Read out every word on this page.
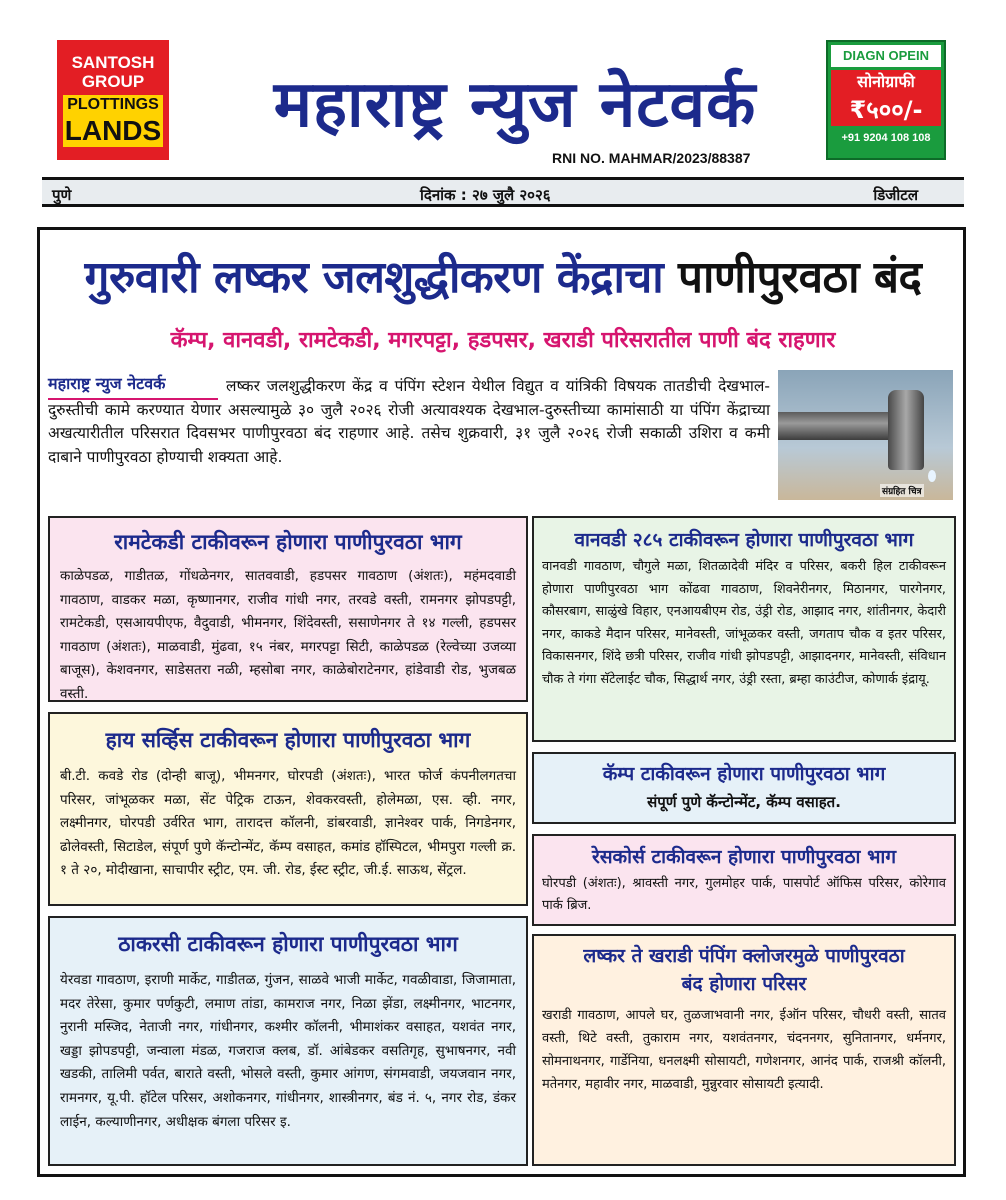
SANTOSH
GROUP
PLOTTINGS
LANDS	महाराष्ट्र न्युज नेटवर्क
RNI NO. MAHMAR/2023/88387
DIAGN OPEIN
सोनोग्राफी
₹५००/-
+91 9204 108 108
पुणे	दिनांक : २७ जुलै २०२६	डिजीटल
गुरुवारी लष्कर जलशुद्धीकरण केंद्राचा पाणीपुरवठा बंद
कॅम्प, वानवडी, रामटेकडी, मगरपट्टा, हडपसर, खराडी परिसरातील पाणी बंद राहणार
लष्कर जलशुद्धीकरण केंद्र व पंपिंग स्टेशन येथील विद्युत व यांत्रिकी विषयक तातडीची देखभाल-दुरुस्तीची कामे करण्यात येणार असल्यामुळे ३० जुलै २०२६ रोजी अत्यावश्यक देखभाल-दुरुस्तीच्या कामांसाठी या पंपिंग केंद्राच्या अखत्यारीतील परिसरात दिवसभर पाणीपुरवठा बंद राहणार आहे. तसेच शुक्रवारी, ३१ जुलै २०२६ रोजी सकाळी उशिरा व कमी दाबाने पाणीपुरवठा होण्याची शक्यता आहे.
महाराष्ट्र न्युज नेटवर्क
संग्रहित चित्र
रामटेकडी टाकीवरून होणारा पाणीपुरवठा भाग
काळेपडळ, गाडीतळ, गोंधळेनगर, सातववाडी, हडपसर गावठाण (अंशतः), महंमदवाडी गावठाण, वाडकर मळा, कृष्णानगर, राजीव गांधी नगर, तरवडे वस्ती, रामनगर झोपडपट्टी, रामटेकडी, एसआयपीएफ, वैदुवाडी, भीमनगर, शिंदेवस्ती, ससाणेनगर ते १४ गल्ली, हडपसर गावठाण (अंशतः), माळवाडी, मुंढवा, १५ नंबर, मगरपट्टा सिटी, काळेपडळ (रेल्वेच्या उजव्या बाजूस), केशवनगर, साडेसतरा नळी, म्हसोबा नगर, काळेबोराटेनगर, हांडेवाडी रोड, भुजबळ वस्ती.
हाय सर्व्हिस टाकीवरून होणारा पाणीपुरवठा भाग
बी.टी. कवडे रोड (दोन्ही बाजू), भीमनगर, घोरपडी (अंशतः), भारत फोर्ज कंपनीलगतचा परिसर, जांभूळकर मळा, सेंट पेट्रिक टाऊन, शेवकरवस्ती, होलेमळा, एस. व्ही. नगर, लक्ष्मीनगर, घोरपडी उर्वरित भाग, तारादत्त कॉलनी, डांबरवाडी, ज्ञानेश्वर पार्क, निगडेनगर, ढोलेवस्ती, सिटाडेल, संपूर्ण पुणे कॅन्टोन्मेंट, कॅम्प वसाहत, कमांड हॉस्पिटल, भीमपुरा गल्ली क्र. १ ते २०, मोदीखाना, साचापीर स्ट्रीट, एम. जी. रोड, ईस्ट स्ट्रीट, जी.ई. साऊथ, सेंट्रल.
ठाकरसी टाकीवरून होणारा पाणीपुरवठा भाग
येरवडा गावठाण, इराणी मार्केट, गाडीतळ, गुंजन, साळवे भाजी मार्केट, गवळीवाडा, जिजामाता, मदर तेरेसा, कुमार पर्णकुटी, लमाण तांडा, कामराज नगर, निळा झेंडा, लक्ष्मीनगर, भाटनगर, नुरानी मस्जिद, नेताजी नगर, गांधीनगर, कश्मीर कॉलनी, भीमाशंकर वसाहत, यशवंत नगर, खड्डा झोपडपट्टी, जन्वाला मंडळ, गजराज क्लब, डॉ. आंबेडकर वसतिगृह, सुभाषनगर, नवी खडकी, तालिमी पर्वत, बाराते वस्ती, भोसले वस्ती, कुमार आंगण, संगमवाडी, जयजवान नगर, रामनगर, यू.पी. हॉटेल परिसर, अशोकनगर, गांधीनगर, शास्त्रीनगर, बंड नं. ५, नगर रोड, डंकर लाईन, कल्याणीनगर, अधीक्षक बंगला परिसर इ.
वानवडी २८५ टाकीवरून होणारा पाणीपुरवठा भाग
वानवडी गावठाण, चौगुले मळा, शितळादेवी मंदिर व परिसर, बकरी हिल टाकीवरून होणारा पाणीपुरवठा भाग कोंढवा गावठाण, शिवनेरीनगर, मिठानगर, पारगेनगर, कौसरबाग, साळुंखे विहार, एनआयबीएम रोड, उंड्री रोड, आझाद नगर, शांतीनगर, केदारी नगर, काकडे मैदान परिसर, मानेवस्ती, जांभूळकर वस्ती, जगताप चौक व इतर परिसर, विकासनगर, शिंदे छत्री परिसर, राजीव गांधी झोपडपट्टी, आझादनगर, मानेवस्ती, संविधान चौक ते गंगा सॅटेलाईट चौक, सिद्धार्थ नगर, उंड्री रस्ता, ब्रम्हा काउंटीज, कोणार्क इंद्रायू.
कॅम्प टाकीवरून होणारा पाणीपुरवठा भाग
संपूर्ण पुणे कॅन्टोन्मेंट, कॅम्प वसाहत.
रेसकोर्स टाकीवरून होणारा पाणीपुरवठा भाग
घोरपडी (अंशतः), श्रावस्ती नगर, गुलमोहर पार्क, पासपोर्ट ऑफिस परिसर, कोरेगाव पार्क ब्रिज.
लष्कर ते खराडी पंपिंग क्लोजरमुळे पाणीपुरवठा
बंद होणारा परिसर
खराडी गावठाण, आपले घर, तुळजाभवानी नगर, ईऑन परिसर, चौधरी वस्ती, सातव वस्ती, थिटे वस्ती, तुकाराम नगर, यशवंतनगर, चंदननगर, सुनितानगर, धर्मनगर, सोमनाथनगर, गार्डेनिया, धनलक्ष्मी सोसायटी, गणेशनगर, आनंद पार्क, राजश्री कॉलनी, मतेनगर, महावीर नगर, माळवाडी, मुन्नुरवार सोसायटी इत्यादी.
